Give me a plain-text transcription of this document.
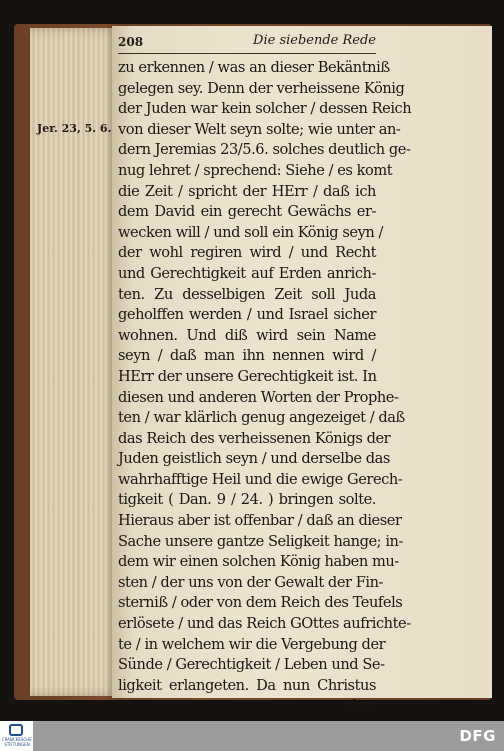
208	Die siebende Rede
Jer. 23, 5. 6.
zu erkennen / was an dieser Bekäntniß
gelegen sey. Denn der verheissene König
der Juden war kein solcher / dessen Reich
von dieser Welt seyn solte; wie unter an-
dern Jeremias 23/5.6. solches deutlich ge-
nug lehret / sprechend: Siehe / es komt
die Zeit / spricht der HErr / daß ich
dem David ein gerecht Gewächs er-
wecken will / und soll ein König seyn /
der wohl regiren wird / und Recht
und Gerechtigkeit auf Erden anrich-
ten. Zu desselbigen Zeit soll Juda
geholffen werden / und Israel sicher
wohnen. Und diß wird sein Name
seyn / daß man ihn nennen wird /
HErr der unsere Gerechtigkeit ist. In
diesen und anderen Worten der Prophe-
ten / war klärlich genug angezeiget / daß
das Reich des verheissenen Königs der
Juden geistlich seyn / und derselbe das
wahrhafftige Heil und die ewige Gerech-
tigkeit ( Dan. 9 / 24. ) bringen solte.
Hieraus aber ist offenbar / daß an dieser
Sache unsere gantze Seligkeit hange; in-
dem wir einen solchen König haben mu-
sten / der uns von der Gewalt der Fin-
sterniß / oder von dem Reich des Teufels
erlösete / und das Reich GOttes aufrichte-
te / in welchem wir die Vergebung der
Sünde / Gerechtigkeit / Leben und Se-
ligkeit erlangeten. Da nun Christus
der-
FRANCKESCHE STIFTUNGEN	DFG
